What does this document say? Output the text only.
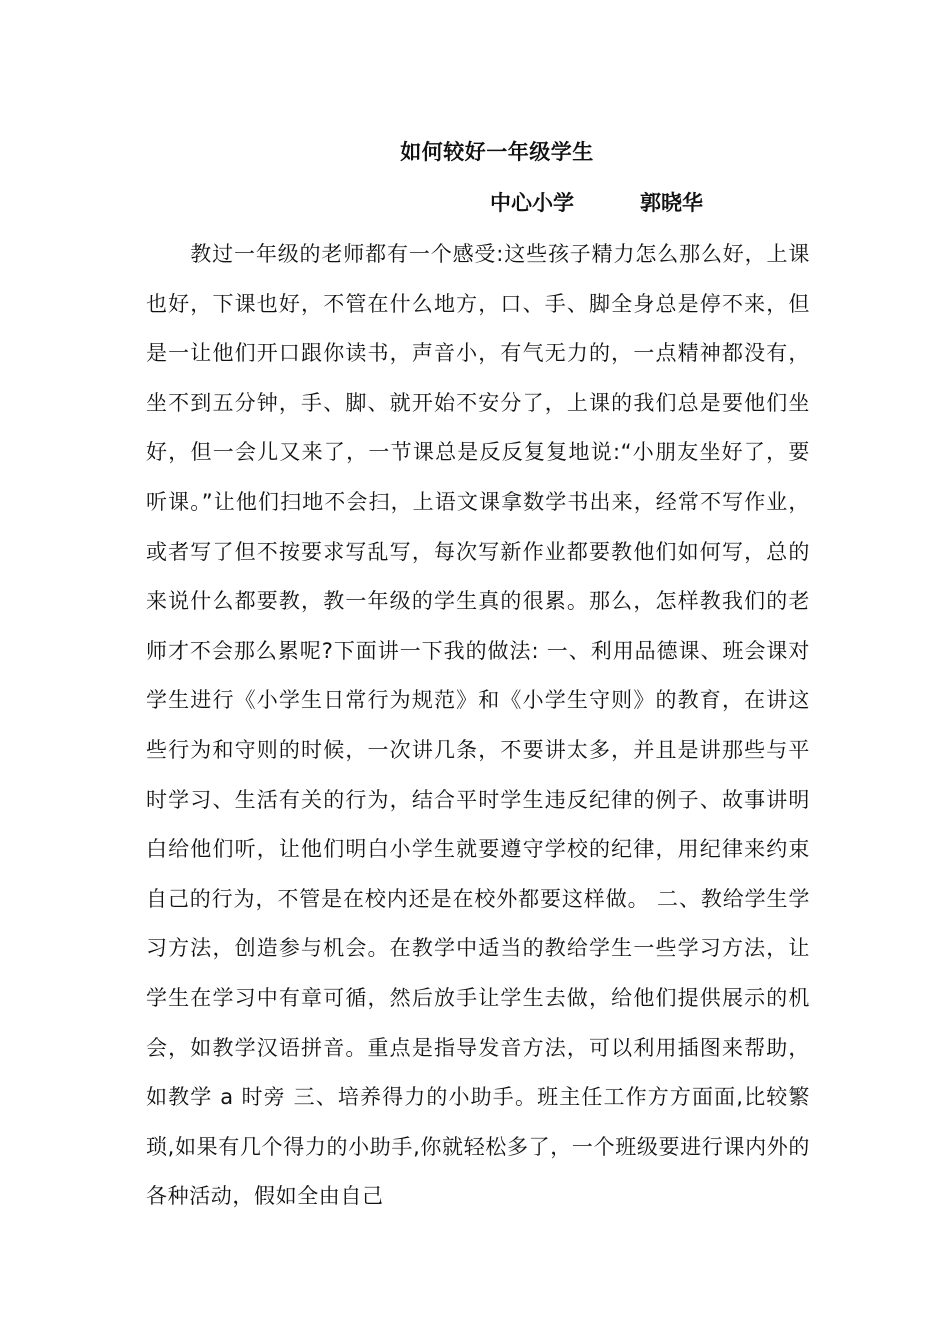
如何较好一年级学生
中心小学	郭晓华
教过一年级的老师都有一个感受:这些孩子精力怎么那么好，上课也好，下课也好，不管在什么地方，口、手、脚全身总是停不来，但是一让他们开口跟你读书，声音小，有气无力的，一点精神都没有，坐不到五分钟，手、脚、就开始不安分了，上课的我们总是要他们坐好，但一会儿又来了，一节课总是反反复复地说:“小朋友坐好了，要听课。”让他们扫地不会扫，上语文课拿数学书出来，经常不写作业，或者写了但不按要求写乱写，每次写新作业都要教他们如何写，总的来说什么都要教，教一年级的学生真的很累。那么，怎样教我们的老师才不会那么累呢?下面讲一下我的做法: 一、利用品德课、班会课对学生进行《小学生日常行为规范》和《小学生守则》的教育，在讲这些行为和守则的时候，一次讲几条，不要讲太多，并且是讲那些与平时学习、生活有关的行为，结合平时学生违反纪律的例子、故事讲明白给他们听，让他们明白小学生就要遵守学校的纪律，用纪律来约束自己的行为，不管是在校内还是在校外都要这样做。 二、教给学生学习方法，创造参与机会。在教学中适当的教给学生一些学习方法，让学生在学习中有章可循，然后放手让学生去做，给他们提供展示的机会，如教学汉语拼音。重点是指导发音方法，可以利用插图来帮助，如教学 a 时旁 三、培养得力的小助手。班主任工作方方面面,比较繁琐,如果有几个得力的小助手,你就轻松多了，一个班级要进行课内外的各种活动，假如全由自己
